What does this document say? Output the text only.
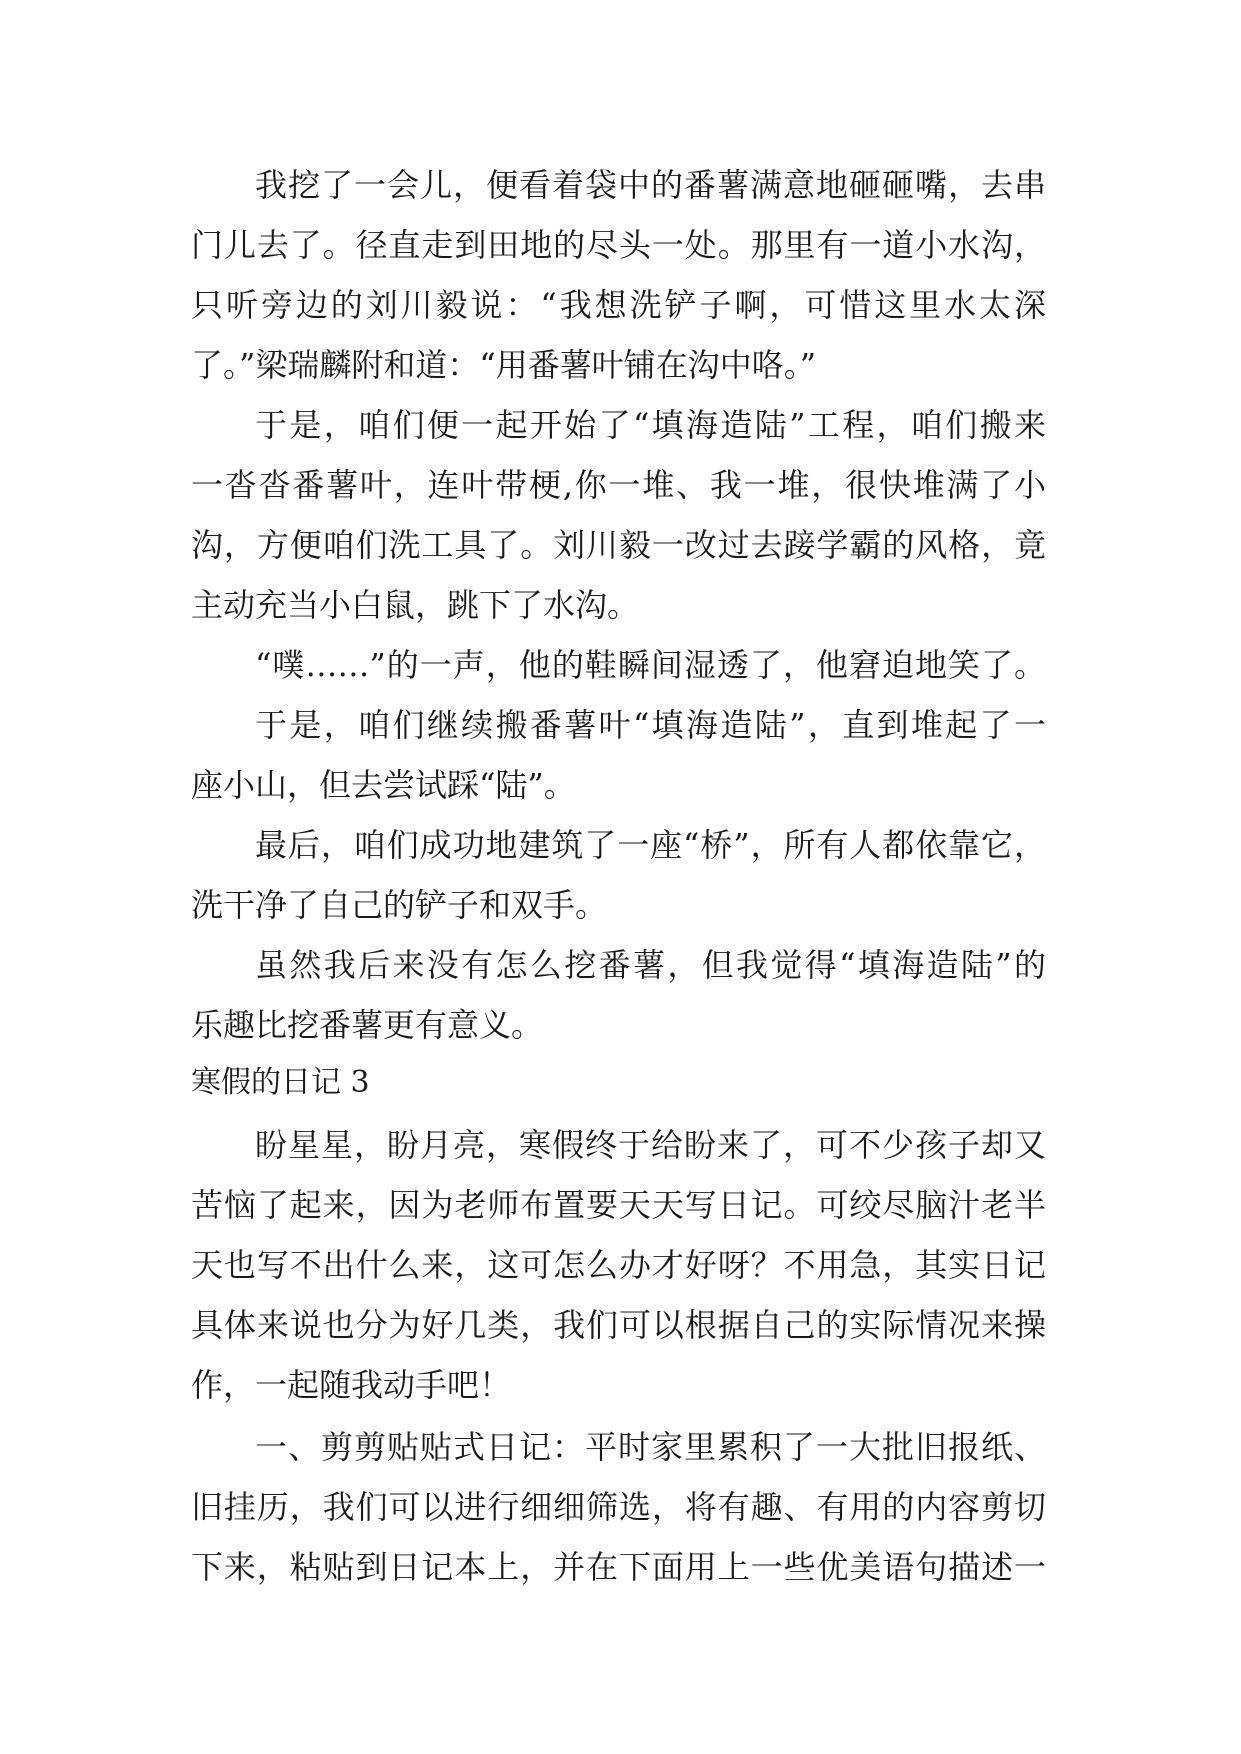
我挖了一会儿，便看着袋中的番薯满意地砸砸嘴，去串
门儿去了。径直走到田地的尽头一处。那里有一道小水沟，
只听旁边的刘川毅说：“我想洗铲子啊，可惜这里水太深
了。”梁瑞麟附和道：“用番薯叶铺在沟中咯。”
于是，咱们便一起开始了“填海造陆”工程，咱们搬来
一沓沓番薯叶，连叶带梗,你一堆、我一堆，很快堆满了小
沟，方便咱们洗工具了。刘川毅一改过去踥学霸的风格，竟
主动充当小白鼠，跳下了水沟。
“噗……”的一声，他的鞋瞬间湿透了，他窘迫地笑了。
于是，咱们继续搬番薯叶“填海造陆”，直到堆起了一
座小山，但去尝试踩“陆”。
最后，咱们成功地建筑了一座“桥”，所有人都依靠它，
洗干净了自己的铲子和双手。
虽然我后来没有怎么挖番薯，但我觉得“填海造陆”的
乐趣比挖番薯更有意义。
寒假的日记 3
盼星星，盼月亮，寒假终于给盼来了，可不少孩子却又
苦恼了起来，因为老师布置要天天写日记。可绞尽脑汁老半
天也写不出什么来，这可怎么办才好呀？不用急，其实日记
具体来说也分为好几类，我们可以根据自己的实际情况来操
作，一起随我动手吧！
一、剪剪贴贴式日记：平时家里累积了一大批旧报纸、
旧挂历，我们可以进行细细筛选，将有趣、有用的内容剪切
下来，粘贴到日记本上，并在下面用上一些优美语句描述一
